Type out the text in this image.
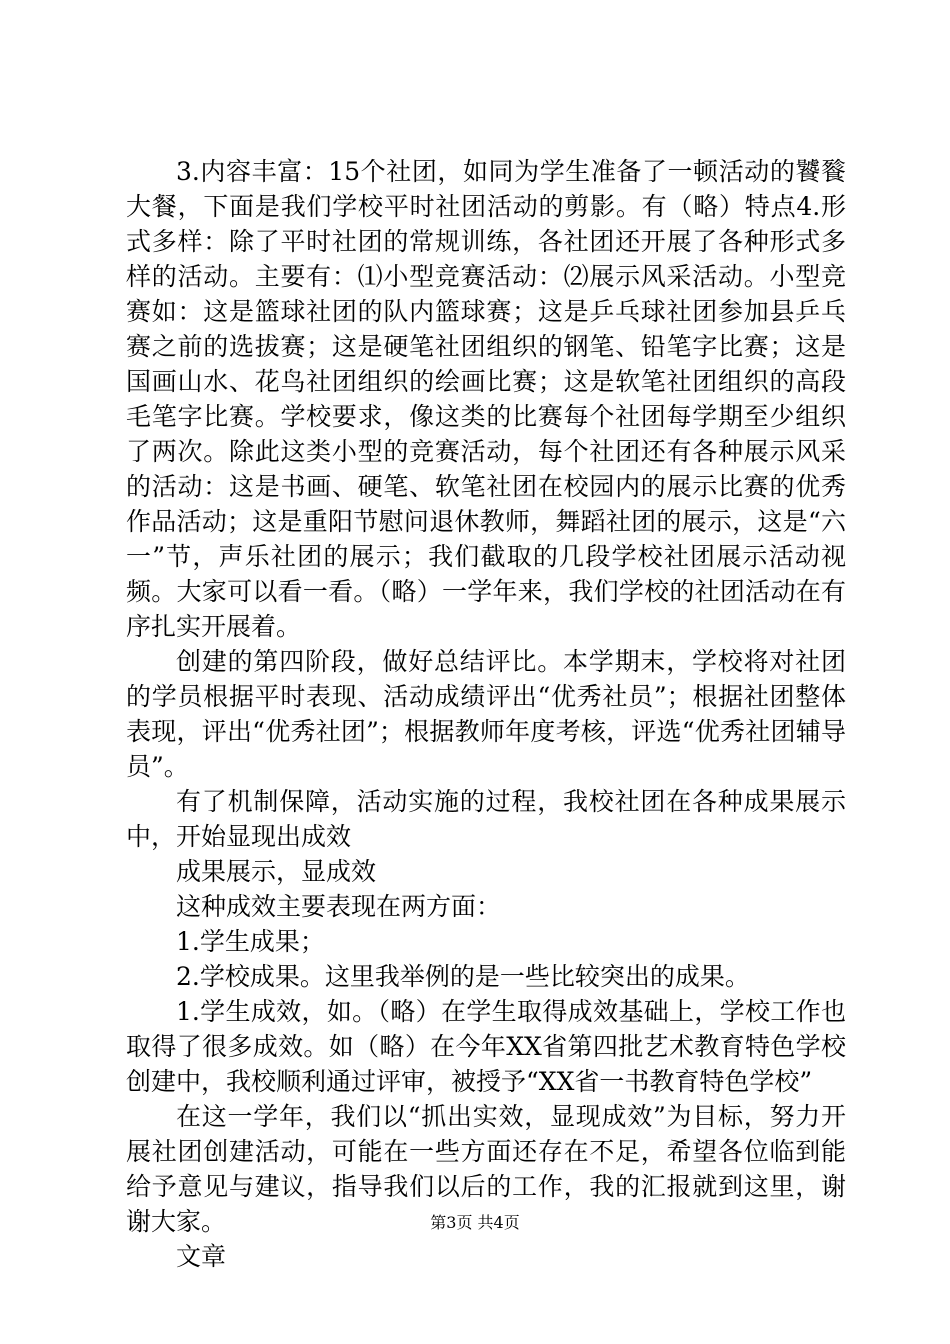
3.内容丰富：15个社团，如同为学生准备了一顿活动的饕餮大餐，下面是我们学校平时社团活动的剪影。有（略）特点4.形式多样：除了平时社团的常规训练，各社团还开展了各种形式多样的活动。主要有：⑴小型竞赛活动：⑵展示风采活动。小型竞赛如：这是篮球社团的队内篮球赛；这是乒乓球社团参加县乒乓赛之前的选拔赛；这是硬笔社团组织的钢笔、铅笔字比赛；这是国画山水、花鸟社团组织的绘画比赛；这是软笔社团组织的高段毛笔字比赛。学校要求，像这类的比赛每个社团每学期至少组织了两次。除此这类小型的竞赛活动，每个社团还有各种展示风采的活动：这是书画、硬笔、软笔社团在校园内的展示比赛的优秀作品活动；这是重阳节慰问退休教师，舞蹈社团的展示，这是“六一”节，声乐社团的展示；我们截取的几段学校社团展示活动视频。大家可以看一看。（略）一学年来，我们学校的社团活动在有序扎实开展着。

创建的第四阶段，做好总结评比。本学期末，学校将对社团的学员根据平时表现、活动成绩评出“优秀社员”；根据社团整体表现，评出“优秀社团”；根据教师年度考核，评选“优秀社团辅导员”。

有了机制保障，活动实施的过程，我校社团在各种成果展示中，开始显现出成效

成果展示，显成效

这种成效主要表现在两方面：

1.学生成果；

2.学校成果。这里我举例的是一些比较突出的成果。

1.学生成效，如。（略）在学生取得成效基础上，学校工作也取得了很多成效。如（略）在今年XX省第四批艺术教育特色学校创建中，我校顺利通过评审，被授予“XX省一书教育特色学校”

在这一学年，我们以“抓出实效，显现成效”为目标，努力开展社团创建活动，可能在一些方面还存在不足，希望各位临到能给予意见与建议，指导我们以后的工作，我的汇报就到这里，谢谢大家。

文章

第3页 共4页
